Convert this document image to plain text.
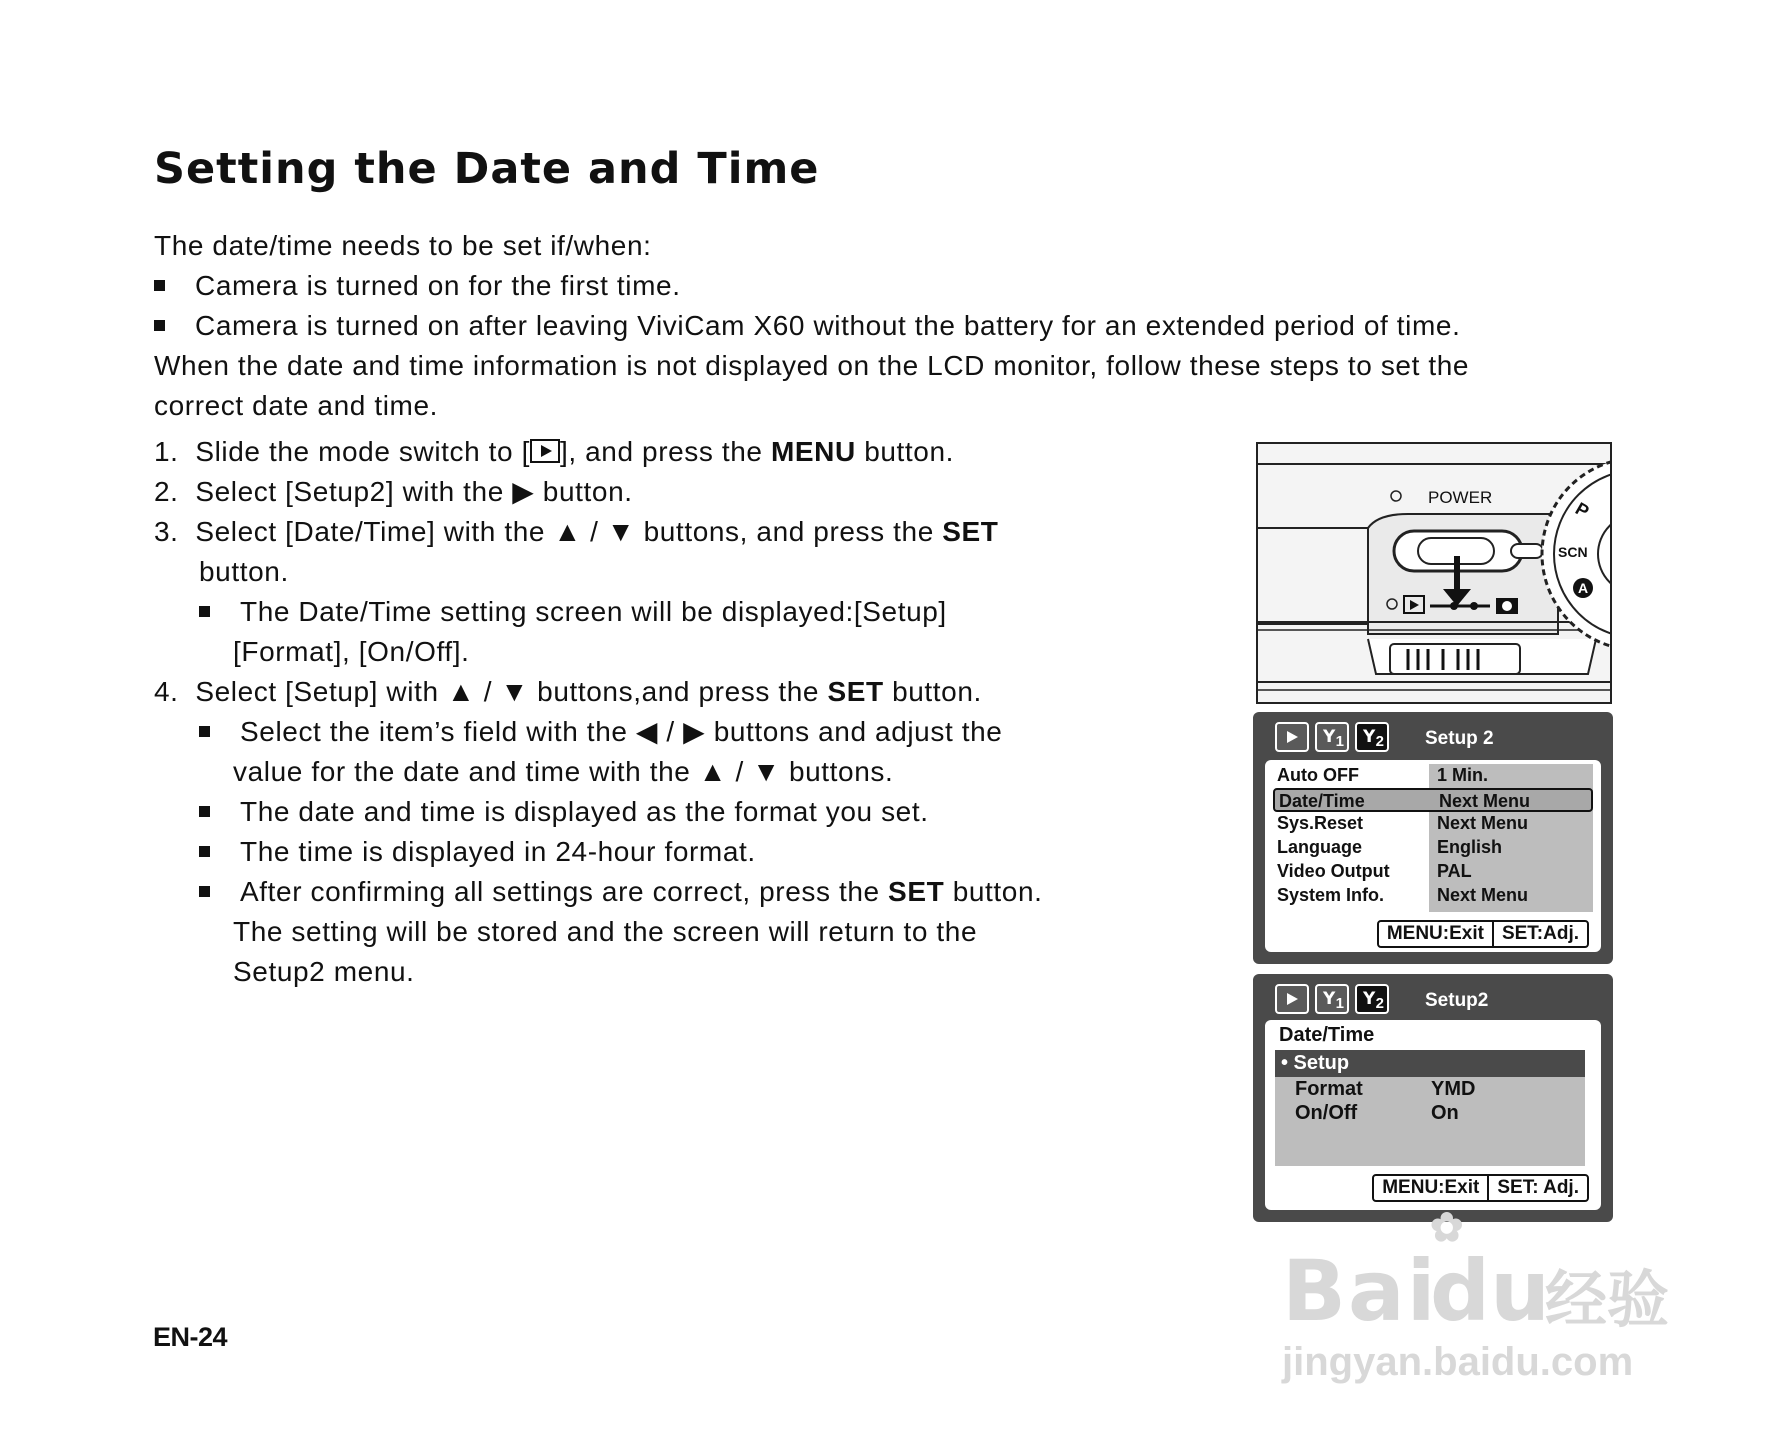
Setting the Date and Time
The date/time needs to be set if/when:
Camera is turned on for the first time.
Camera is turned on after leaving ViviCam X60 without the battery for an extended period of time.
When the date and time information is not displayed on the LCD monitor, follow these steps to set the
correct date and time.
1. Slide the mode switch to [ ], and press the MENU button.
2. Select [Setup2] with the ▶ button.
3. Select [Date/Time] with the ▲ / ▼ buttons, and press the SET
button.
The Date/Time setting screen will be displayed:[Setup]
[Format], [On/Off].
4. Select [Setup] with ▲ / ▼ buttons,and press the SET button.
Select the item’s field with the ◀ / ▶ buttons and adjust the
value for the date and time with the ▲ / ▼ buttons.
The date and time is displayed as the format you set.
The time is displayed in 24-hour format.
After confirming all settings are correct, press the SET button.
The setting will be stored and the screen will return to the
Setup2 menu.
POWER
SCN
P
A
Y 1 Y 2 Setup 2
Auto OFF	1 Min.
Date/Time	Next Menu
Sys.Reset	Next Menu
Language	English
Video Output	PAL
System Info.	Next Menu
MENU:Exit SET:Adj.
Y 1 Y 2 Setup2
Date/Time
• Setup
Format	YMD
On/Off	On
MENU:Exit SET: Adj.
EN-24	Bai
du
✿
经验
jingyan.baidu.com
